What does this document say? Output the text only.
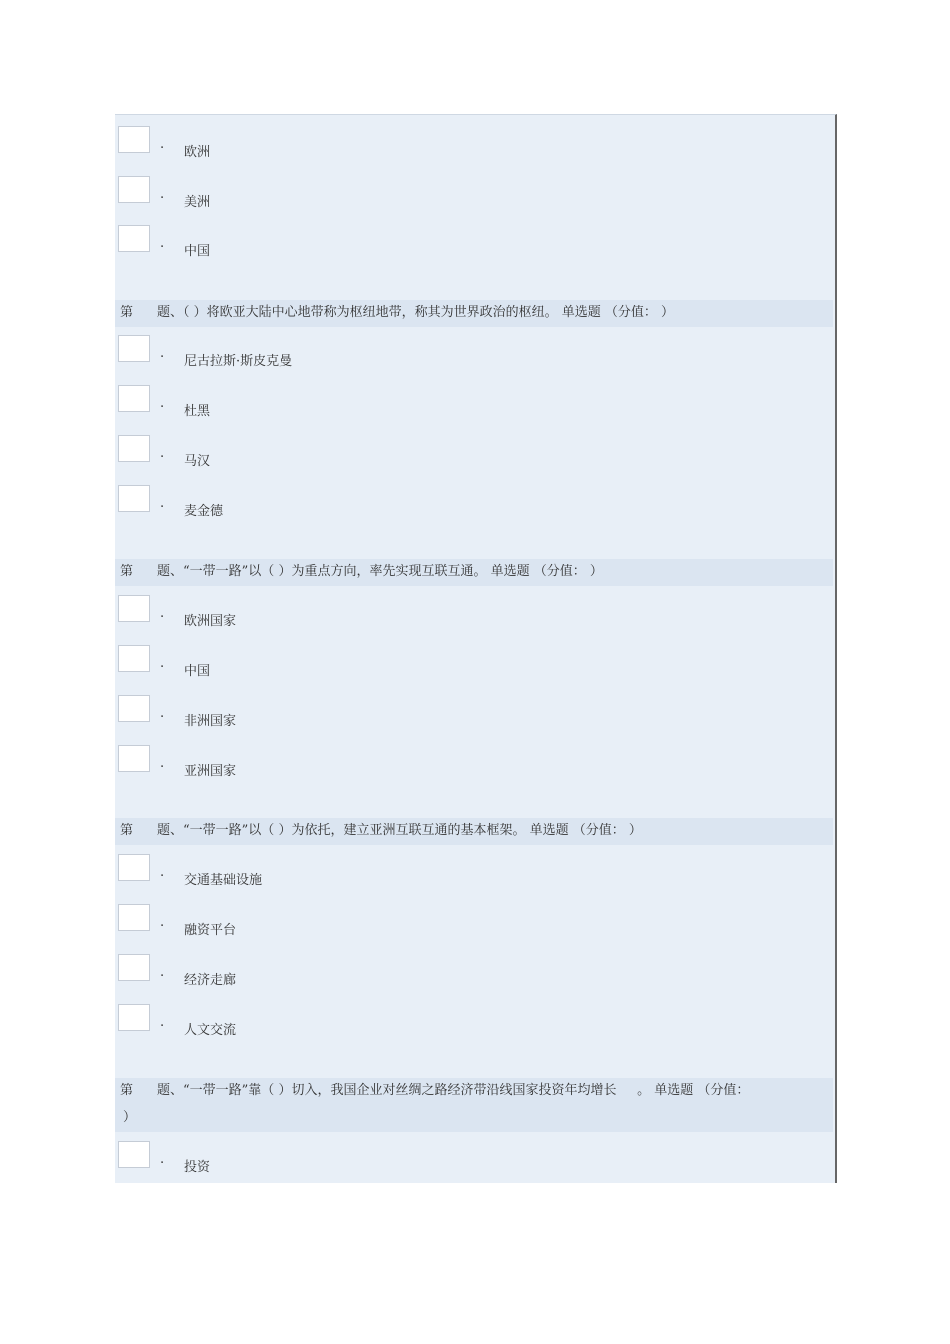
.
欧洲
.
美洲
.
中国
第 题、（ ）将欧亚大陆中心地带称为枢纽地带，称其为世界政治的枢纽。 单选题 （分值： ）
.
尼古拉斯·斯皮克曼
.
杜黑
.
马汉
.
麦金德
第 题、“一带一路”以（ ）为重点方向，率先实现互联互通。 单选题 （分值： ）
.
欧洲国家
.
中国
.
非洲国家
.
亚洲国家
第 题、“一带一路”以（ ）为依托，建立亚洲互联互通的基本框架。 单选题 （分值： ）
.
交通基础设施
.
融资平台
.
经济走廊
.
人文交流
第 题、“一带一路”靠（ ）切入，我国企业对丝绸之路经济带沿线国家投资年均增长     。 单选题 （分值：
）
.
投资
